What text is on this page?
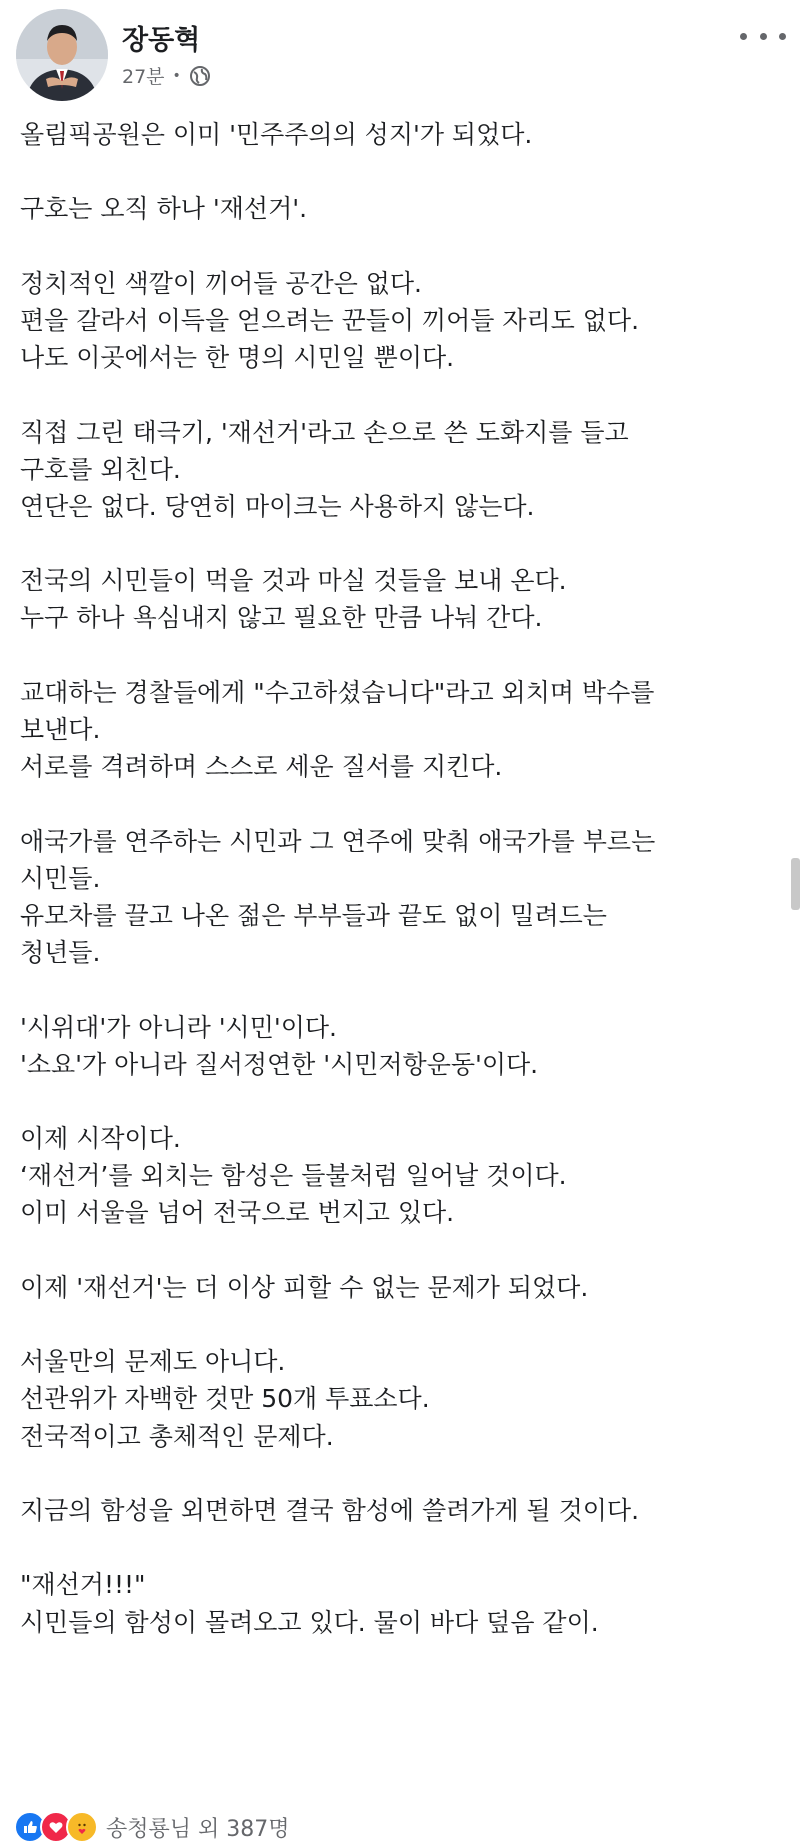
장동혁
27분 •
올림픽공원은 이미 '민주주의의 성지'가 되었다.
구호는 오직 하나 '재선거'.
정치적인 색깔이 끼어들 공간은 없다.
편을 갈라서 이득을 얻으려는 꾼들이 끼어들 자리도 없다.
나도 이곳에서는 한 명의 시민일 뿐이다.
직접 그린 태극기, '재선거'라고 손으로 쓴 도화지를 들고
구호를 외친다.
연단은 없다. 당연히 마이크는 사용하지 않는다.
전국의 시민들이 먹을 것과 마실 것들을 보내 온다.
누구 하나 욕심내지 않고 필요한 만큼 나눠 간다.
교대하는 경찰들에게 "수고하셨습니다"라고 외치며 박수를
보낸다.
서로를 격려하며 스스로 세운 질서를 지킨다.
애국가를 연주하는 시민과 그 연주에 맞춰 애국가를 부르는
시민들.
유모차를 끌고 나온 젊은 부부들과 끝도 없이 밀려드는
청년들.
'시위대'가 아니라 '시민'이다.
'소요'가 아니라 질서정연한 '시민저항운동'이다.
이제 시작이다.
‘재선거’를 외치는 함성은 들불처럼 일어날 것이다.
이미 서울을 넘어 전국으로 번지고 있다.
이제 '재선거'는 더 이상 피할 수 없는 문제가 되었다.
서울만의 문제도 아니다.
선관위가 자백한 것만 50개 투표소다.
전국적이고 총체적인 문제다.
지금의 함성을 외면하면 결국 함성에 쓸려가게 될 것이다.
"재선거!!!"
시민들의 함성이 몰려오고 있다. 물이 바다 덮음 같이.
송청룡님 외 387명
